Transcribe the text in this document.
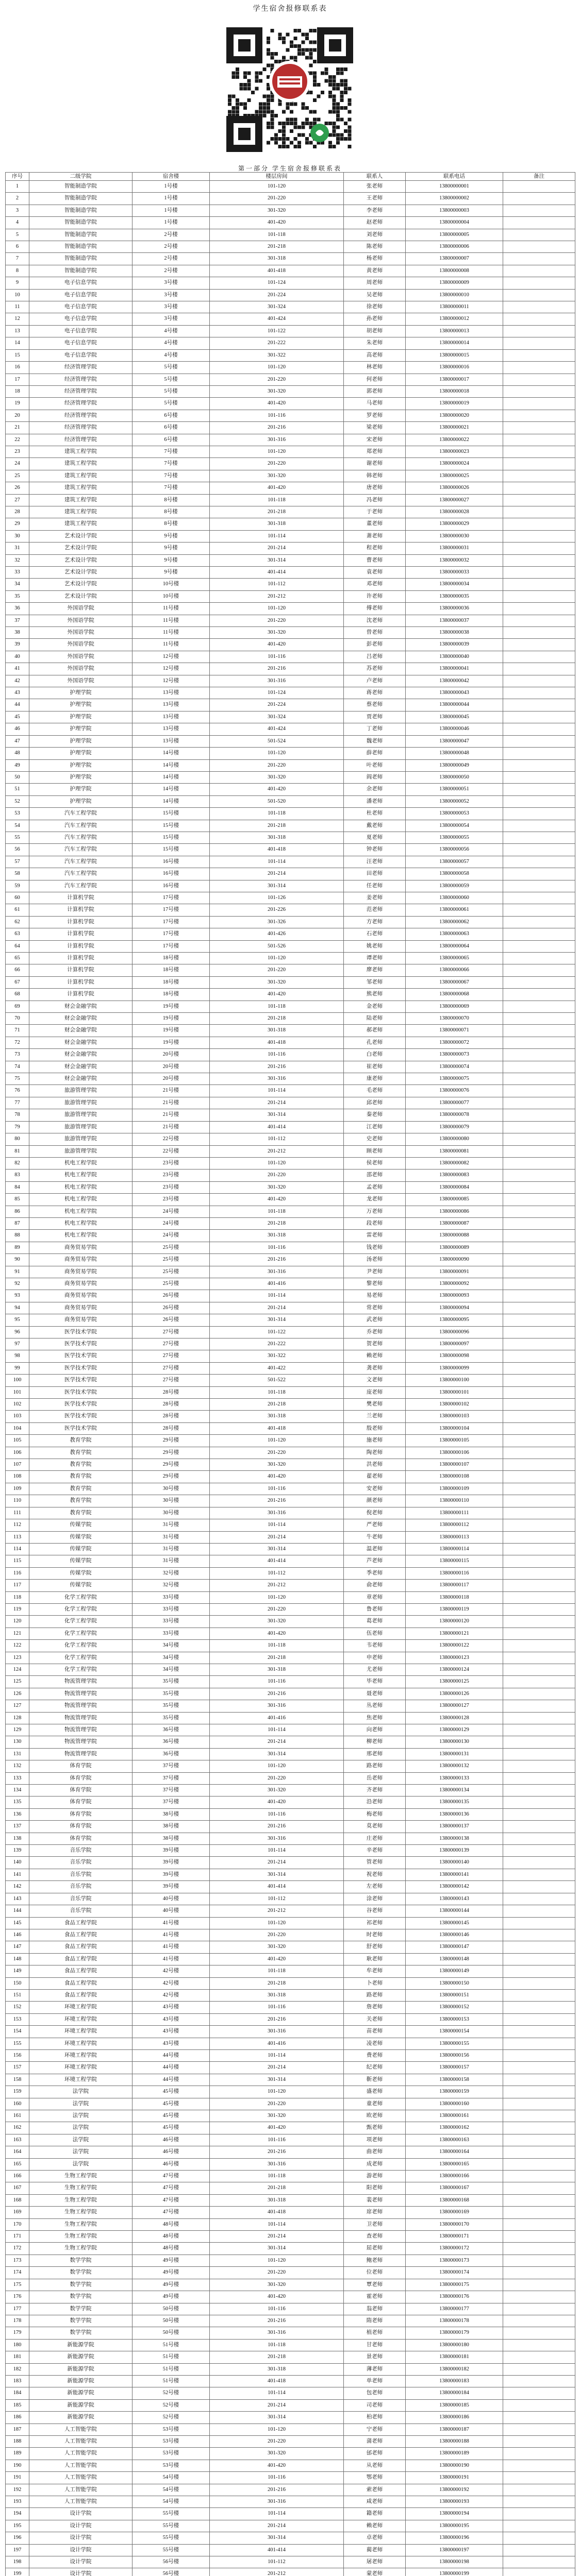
学生宿舍报修联系表
第一部分 学生宿舍报修联系表
序号	二级学院	宿舍楼	楼层房间	联系人	联系电话	备注
1	智能制造学院	1号楼	101-120	张老师	13800000001	
2	智能制造学院	1号楼	201-220	王老师	13800000002	
3	智能制造学院	1号楼	301-320	李老师	13800000003	
4	智能制造学院	1号楼	401-420	赵老师	13800000004	
5	智能制造学院	2号楼	101-118	刘老师	13800000005	
6	智能制造学院	2号楼	201-218	陈老师	13800000006	
7	智能制造学院	2号楼	301-318	杨老师	13800000007	
8	智能制造学院	2号楼	401-418	黄老师	13800000008	
9	电子信息学院	3号楼	101-124	周老师	13800000009	
10	电子信息学院	3号楼	201-224	吴老师	13800000010	
11	电子信息学院	3号楼	301-324	徐老师	13800000011	
12	电子信息学院	3号楼	401-424	孙老师	13800000012	
13	电子信息学院	4号楼	101-122	胡老师	13800000013	
14	电子信息学院	4号楼	201-222	朱老师	13800000014	
15	电子信息学院	4号楼	301-322	高老师	13800000015	
16	经济管理学院	5号楼	101-120	林老师	13800000016	
17	经济管理学院	5号楼	201-220	何老师	13800000017	
18	经济管理学院	5号楼	301-320	郭老师	13800000018	
19	经济管理学院	5号楼	401-420	马老师	13800000019	
20	经济管理学院	6号楼	101-116	罗老师	13800000020	
21	经济管理学院	6号楼	201-216	梁老师	13800000021	
22	经济管理学院	6号楼	301-316	宋老师	13800000022	
23	建筑工程学院	7号楼	101-120	郑老师	13800000023	
24	建筑工程学院	7号楼	201-220	谢老师	13800000024	
25	建筑工程学院	7号楼	301-320	韩老师	13800000025	
26	建筑工程学院	7号楼	401-420	唐老师	13800000026	
27	建筑工程学院	8号楼	101-118	冯老师	13800000027	
28	建筑工程学院	8号楼	201-218	于老师	13800000028	
29	建筑工程学院	8号楼	301-318	董老师	13800000029	
30	艺术设计学院	9号楼	101-114	萧老师	13800000030	
31	艺术设计学院	9号楼	201-214	程老师	13800000031	
32	艺术设计学院	9号楼	301-314	曹老师	13800000032	
33	艺术设计学院	9号楼	401-414	袁老师	13800000033	
34	艺术设计学院	10号楼	101-112	邓老师	13800000034	
35	艺术设计学院	10号楼	201-212	许老师	13800000035	
36	外国语学院	11号楼	101-120	傅老师	13800000036	
37	外国语学院	11号楼	201-220	沈老师	13800000037	
38	外国语学院	11号楼	301-320	曾老师	13800000038	
39	外国语学院	11号楼	401-420	彭老师	13800000039	
40	外国语学院	12号楼	101-116	吕老师	13800000040	
41	外国语学院	12号楼	201-216	苏老师	13800000041	
42	外国语学院	12号楼	301-316	卢老师	13800000042	
43	护理学院	13号楼	101-124	蒋老师	13800000043	
44	护理学院	13号楼	201-224	蔡老师	13800000044	
45	护理学院	13号楼	301-324	贾老师	13800000045	
46	护理学院	13号楼	401-424	丁老师	13800000046	
47	护理学院	13号楼	501-524	魏老师	13800000047	
48	护理学院	14号楼	101-120	薛老师	13800000048	
49	护理学院	14号楼	201-220	叶老师	13800000049	
50	护理学院	14号楼	301-320	阎老师	13800000050	
51	护理学院	14号楼	401-420	余老师	13800000051	
52	护理学院	14号楼	501-520	潘老师	13800000052	
53	汽车工程学院	15号楼	101-118	杜老师	13800000053	
54	汽车工程学院	15号楼	201-218	戴老师	13800000054	
55	汽车工程学院	15号楼	301-318	夏老师	13800000055	
56	汽车工程学院	15号楼	401-418	钟老师	13800000056	
57	汽车工程学院	16号楼	101-114	汪老师	13800000057	
58	汽车工程学院	16号楼	201-214	田老师	13800000058	
59	汽车工程学院	16号楼	301-314	任老师	13800000059	
60	计算机学院	17号楼	101-126	姜老师	13800000060	
61	计算机学院	17号楼	201-226	范老师	13800000061	
62	计算机学院	17号楼	301-326	方老师	13800000062	
63	计算机学院	17号楼	401-426	石老师	13800000063	
64	计算机学院	17号楼	501-526	姚老师	13800000064	
65	计算机学院	18号楼	101-120	谭老师	13800000065	
66	计算机学院	18号楼	201-220	廖老师	13800000066	
67	计算机学院	18号楼	301-320	邹老师	13800000067	
68	计算机学院	18号楼	401-420	熊老师	13800000068	
69	财会金融学院	19号楼	101-118	金老师	13800000069	
70	财会金融学院	19号楼	201-218	陆老师	13800000070	
71	财会金融学院	19号楼	301-318	郝老师	13800000071	
72	财会金融学院	19号楼	401-418	孔老师	13800000072	
73	财会金融学院	20号楼	101-116	白老师	13800000073	
74	财会金融学院	20号楼	201-216	崔老师	13800000074	
75	财会金融学院	20号楼	301-316	康老师	13800000075	
76	旅游管理学院	21号楼	101-114	毛老师	13800000076	
77	旅游管理学院	21号楼	201-214	邱老师	13800000077	
78	旅游管理学院	21号楼	301-314	秦老师	13800000078	
79	旅游管理学院	21号楼	401-414	江老师	13800000079	
80	旅游管理学院	22号楼	101-112	史老师	13800000080	
81	旅游管理学院	22号楼	201-212	顾老师	13800000081	
82	机电工程学院	23号楼	101-120	侯老师	13800000082	
83	机电工程学院	23号楼	201-220	邵老师	13800000083	
84	机电工程学院	23号楼	301-320	孟老师	13800000084	
85	机电工程学院	23号楼	401-420	龙老师	13800000085	
86	机电工程学院	24号楼	101-118	万老师	13800000086	
87	机电工程学院	24号楼	201-218	段老师	13800000087	
88	机电工程学院	24号楼	301-318	雷老师	13800000088	
89	商务贸易学院	25号楼	101-116	钱老师	13800000089	
90	商务贸易学院	25号楼	201-216	汤老师	13800000090	
91	商务贸易学院	25号楼	301-316	尹老师	13800000091	
92	商务贸易学院	25号楼	401-416	黎老师	13800000092	
93	商务贸易学院	26号楼	101-114	易老师	13800000093	
94	商务贸易学院	26号楼	201-214	常老师	13800000094	
95	商务贸易学院	26号楼	301-314	武老师	13800000095	
96	医学技术学院	27号楼	101-122	乔老师	13800000096	
97	医学技术学院	27号楼	201-222	贺老师	13800000097	
98	医学技术学院	27号楼	301-322	赖老师	13800000098	
99	医学技术学院	27号楼	401-422	龚老师	13800000099	
100	医学技术学院	27号楼	501-522	文老师	13800000100	
101	医学技术学院	28号楼	101-118	庞老师	13800000101	
102	医学技术学院	28号楼	201-218	樊老师	13800000102	
103	医学技术学院	28号楼	301-318	兰老师	13800000103	
104	医学技术学院	28号楼	401-418	殷老师	13800000104	
105	教育学院	29号楼	101-120	施老师	13800000105	
106	教育学院	29号楼	201-220	陶老师	13800000106	
107	教育学院	29号楼	301-320	洪老师	13800000107	
108	教育学院	29号楼	401-420	翟老师	13800000108	
109	教育学院	30号楼	101-116	安老师	13800000109	
110	教育学院	30号楼	201-216	颜老师	13800000110	
111	教育学院	30号楼	301-316	倪老师	13800000111	
112	传媒学院	31号楼	101-114	严老师	13800000112	
113	传媒学院	31号楼	201-214	牛老师	13800000113	
114	传媒学院	31号楼	301-314	温老师	13800000114	
115	传媒学院	31号楼	401-414	芦老师	13800000115	
116	传媒学院	32号楼	101-112	季老师	13800000116	
117	传媒学院	32号楼	201-212	俞老师	13800000117	
118	化学工程学院	33号楼	101-120	章老师	13800000118	
119	化学工程学院	33号楼	201-220	鲁老师	13800000119	
120	化学工程学院	33号楼	301-320	葛老师	13800000120	
121	化学工程学院	33号楼	401-420	伍老师	13800000121	
122	化学工程学院	34号楼	101-118	韦老师	13800000122	
123	化学工程学院	34号楼	201-218	申老师	13800000123	
124	化学工程学院	34号楼	301-318	尤老师	13800000124	
125	物流管理学院	35号楼	101-116	毕老师	13800000125	
126	物流管理学院	35号楼	201-216	聂老师	13800000126	
127	物流管理学院	35号楼	301-316	丛老师	13800000127	
128	物流管理学院	35号楼	401-416	焦老师	13800000128	
129	物流管理学院	36号楼	101-114	向老师	13800000129	
130	物流管理学院	36号楼	201-214	柳老师	13800000130	
131	物流管理学院	36号楼	301-314	邢老师	13800000131	
132	体育学院	37号楼	101-120	路老师	13800000132	
133	体育学院	37号楼	201-220	岳老师	13800000133	
134	体育学院	37号楼	301-320	齐老师	13800000134	
135	体育学院	37号楼	401-420	沿老师	13800000135	
136	体育学院	38号楼	101-116	梅老师	13800000136	
137	体育学院	38号楼	201-216	莫老师	13800000137	
138	体育学院	38号楼	301-316	庄老师	13800000138	
139	音乐学院	39号楼	101-114	辛老师	13800000139	
140	音乐学院	39号楼	201-214	管老师	13800000140	
141	音乐学院	39号楼	301-314	祝老师	13800000141	
142	音乐学院	39号楼	401-414	左老师	13800000142	
143	音乐学院	40号楼	101-112	涂老师	13800000143	
144	音乐学院	40号楼	201-212	谷老师	13800000144	
145	食品工程学院	41号楼	101-120	祁老师	13800000145	
146	食品工程学院	41号楼	201-220	时老师	13800000146	
147	食品工程学院	41号楼	301-320	舒老师	13800000147	
148	食品工程学院	41号楼	401-420	耿老师	13800000148	
149	食品工程学院	42号楼	101-118	牟老师	13800000149	
150	食品工程学院	42号楼	201-218	卜老师	13800000150	
151	食品工程学院	42号楼	301-318	路老师	13800000151	
152	环境工程学院	43号楼	101-116	詹老师	13800000152	
153	环境工程学院	43号楼	201-216	关老师	13800000153	
154	环境工程学院	43号楼	301-316	苗老师	13800000154	
155	环境工程学院	43号楼	401-416	凌老师	13800000155	
156	环境工程学院	44号楼	101-114	费老师	13800000156	
157	环境工程学院	44号楼	201-214	纪老师	13800000157	
158	环境工程学院	44号楼	301-314	靳老师	13800000158	
159	法学院	45号楼	101-120	盛老师	13800000159	
160	法学院	45号楼	201-220	童老师	13800000160	
161	法学院	45号楼	301-320	欧老师	13800000161	
162	法学院	45号楼	401-420	甄老师	13800000162	
163	法学院	46号楼	101-116	项老师	13800000163	
164	法学院	46号楼	201-216	曲老师	13800000164	
165	法学院	46号楼	301-316	成老师	13800000165	
166	生物工程学院	47号楼	101-118	游老师	13800000166	
167	生物工程学院	47号楼	201-218	阳老师	13800000167	
168	生物工程学院	47号楼	301-318	裴老师	13800000168	
169	生物工程学院	47号楼	401-418	席老师	13800000169	
170	生物工程学院	48号楼	101-114	卫老师	13800000170	
171	生物工程学院	48号楼	201-214	查老师	13800000171	
172	生物工程学院	48号楼	301-314	屈老师	13800000172	
173	数学学院	49号楼	101-120	鲍老师	13800000173	
174	数学学院	49号楼	201-220	位老师	13800000174	
175	数学学院	49号楼	301-320	覃老师	13800000175	
176	数学学院	49号楼	401-420	霍老师	13800000176	
177	数学学院	50号楼	101-116	翁老师	13800000177	
178	数学学院	50号楼	201-216	隋老师	13800000178	
179	数学学院	50号楼	301-316	植老师	13800000179	
180	新能源学院	51号楼	101-118	甘老师	13800000180	
181	新能源学院	51号楼	201-218	景老师	13800000181	
182	新能源学院	51号楼	301-318	薄老师	13800000182	
183	新能源学院	51号楼	401-418	单老师	13800000183	
184	新能源学院	52号楼	101-114	包老师	13800000184	
185	新能源学院	52号楼	201-214	司老师	13800000185	
186	新能源学院	52号楼	301-314	柏老师	13800000186	
187	人工智能学院	53号楼	101-120	宁老师	13800000187	
188	人工智能学院	53号楼	201-220	蒲老师	13800000188	
189	人工智能学院	53号楼	301-320	邰老师	13800000189	
190	人工智能学院	53号楼	401-420	从老师	13800000190	
191	人工智能学院	54号楼	101-116	鄂老师	13800000191	
192	人工智能学院	54号楼	201-216	索老师	13800000192	
193	人工智能学院	54号楼	301-316	咸老师	13800000193	
194	设计学院	55号楼	101-114	籍老师	13800000194	
195	设计学院	55号楼	201-214	赖老师	13800000195	
196	设计学院	55号楼	301-314	卓老师	13800000196	
197	设计学院	55号楼	401-414	蔺老师	13800000197	
198	设计学院	56号楼	101-112	屠老师	13800000198	
199	设计学院	56号楼	201-212	蒙老师	13800000199	
